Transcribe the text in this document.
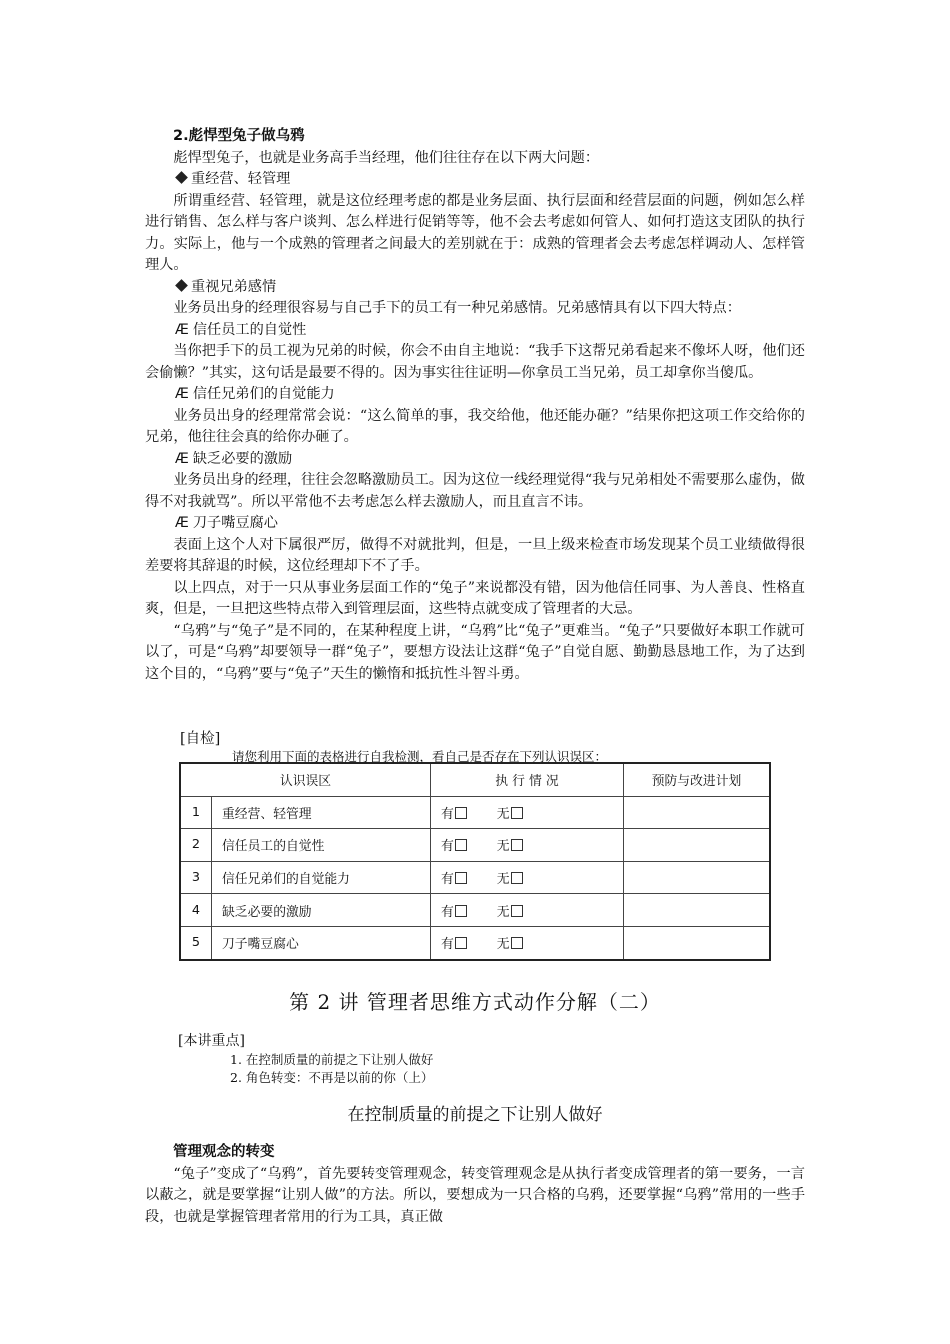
2.彪悍型兔子做乌鸦

彪悍型兔子，也就是业务高手当经理，他们往往存在以下两大问题：

重经营、轻管理

所谓重经营、轻管理，就是这位经理考虑的都是业务层面、执行层面和经营层面的问题，例如怎么样进行销售、怎么样与客户谈判、怎么样进行促销等等，他不会去考虑如何管人、如何打造这支团队的执行力。实际上，他与一个成熟的管理者之间最大的差别就在于：成熟的管理者会去考虑怎样调动人、怎样管理人。

重视兄弟感情

业务员出身的经理很容易与自己手下的员工有一种兄弟感情。兄弟感情具有以下四大特点：

Æ 信任员工的自觉性

当你把手下的员工视为兄弟的时候，你会不由自主地说：“我手下这帮兄弟看起来不像坏人呀，他们还会偷懒？”其实，这句话是最要不得的。因为事实往往证明—你拿员工当兄弟，员工却拿你当傻瓜。

Æ 信任兄弟们的自觉能力

业务员出身的经理常常会说：“这么简单的事，我交给他，他还能办砸？”结果你把这项工作交给你的兄弟，他往往会真的给你办砸了。

Æ 缺乏必要的激励

业务员出身的经理，往往会忽略激励员工。因为这位一线经理觉得“我与兄弟相处不需要那么虚伪，做得不对我就骂”。所以平常他不去考虑怎么样去激励人，而且直言不讳。

Æ 刀子嘴豆腐心

表面上这个人对下属很严厉，做得不对就批判，但是，一旦上级来检查市场发现某个员工业绩做得很差要将其辞退的时候，这位经理却下不了手。

以上四点，对于一只从事业务层面工作的“兔子”来说都没有错，因为他信任同事、为人善良、性格直爽，但是，一旦把这些特点带入到管理层面，这些特点就变成了管理者的大忌。

“乌鸦”与“兔子”是不同的，在某种程度上讲，“乌鸦”比“兔子”更难当。“兔子”只要做好本职工作就可以了，可是“乌鸦”却要领导一群“兔子”，要想方设法让这群“兔子”自觉自愿、勤勤恳恳地工作，为了达到这个目的，“乌鸦”要与“兔子”天生的懒惰和抵抗性斗智斗勇。

[自检]
请您利用下面的表格进行自我检测，看自己是否存在下列认识误区：
认识误区		执 行 情 况	预防与改进计划
1	重经营、轻管理	有 无	
2	信任员工的自觉性	有 无	
3	信任兄弟们的自觉能力	有 无	
4	缺乏必要的激励	有 无	
5	刀子嘴豆腐心	有 无	
第 2 讲 管理者思维方式动作分解（二）
[本讲重点]
1. 在控制质量的前提之下让别人做好
2. 角色转变：不再是以前的你（上）
在控制质量的前提之下让别人做好

管理观念的转变

“兔子”变成了“乌鸦”，首先要转变管理观念，转变管理观念是从执行者变成管理者的第一要务，一言以蔽之，就是要掌握“让别人做”的方法。所以，要想成为一只合格的乌鸦，还要掌握“乌鸦”常用的一些手段，也就是掌握管理者常用的行为工具，真正做
